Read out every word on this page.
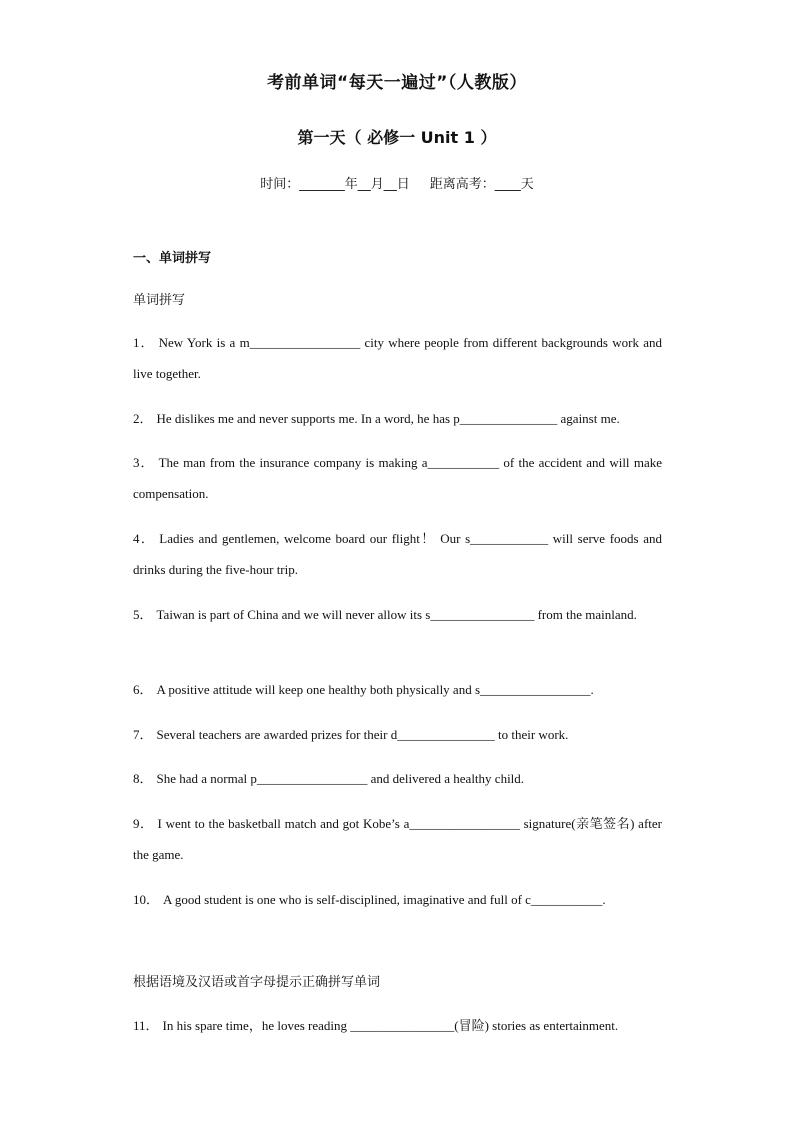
考前单词“每天一遍过”（人教版）
第一天（ 必修一 Unit 1 ）
时间：_______年__月__日 距离高考：____天
一、单词拼写
单词拼写
1． New York is a m_________________ city where people from different backgrounds work and live together.
2． He dislikes me and never supports me. In a word, he has p_______________ against me.
3． The man from the insurance company is making a___________ of the accident and will make compensation.
4． Ladies and gentlemen, welcome board our flight！ Our s____________ will serve foods and drinks during the five-hour trip.
5． Taiwan is part of China and we will never allow its s________________ from the mainland.
6． A positive attitude will keep one healthy both physically and s_________________.
7． Several teachers are awarded prizes for their d_______________ to their work.
8． She had a normal p_________________ and delivered a healthy child.
9． I went to the basketball match and got Kobe’s a_________________ signature(亲笔签名) after the game.
10． A good student is one who is self-disciplined, imaginative and full of c___________.
根据语境及汉语或首字母提示正确拼写单词
11． In his spare time，he loves reading ________________(冒险) stories as entertainment.
